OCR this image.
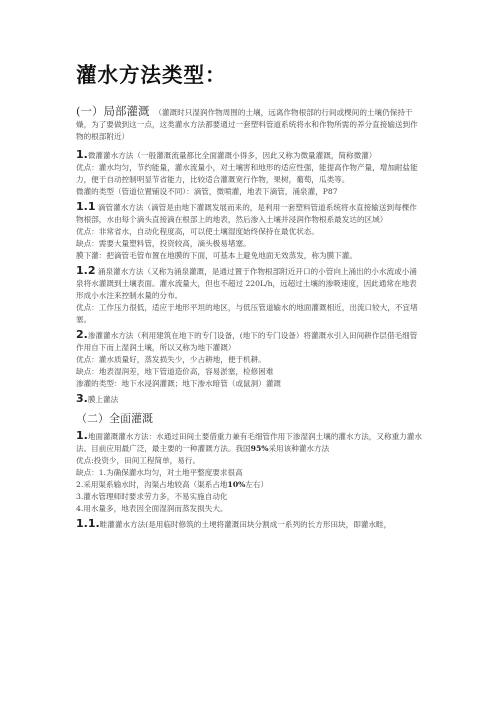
灌水方法类型：

(一）局部灌溉 （灌溉时只湿润作物周围的土壤，远离作物根部的行间或棵间的土壤仍保持干燥，为了要做到这一点，这类灌水方法都要通过一套塑料管道系统将水和作物所需的养分直接输送到作物的根部附近）

1.微灌灌水方法（一般灌溉流量都比全面灌溉小得多，因此又称为微量灌溉，简称微灌）

优点：灌水均匀，节约能量，灌水流量小，对土壤害和地形的适应性强，能提高作物产量，增加耐盐能力，便于自动控制明显节省能力，比较适合灌溉宽行作物，果树，葡萄，瓜类等。

微灌的类型（管道位置铺设不同）：滴管，微喷灌，地表下滴管，涌泉灌，P87

1.1 滴管灌水方法（滴管是由地下灌溉发展而来的，是利用一套塑料管道系统将水直接输送到每棵作物根部，水由每个滴头直接滴在根部上的地表，然后渗入土壤并浸润作物根系最发达的区域）

优点：非常省水，自动化程度高，可以使土壤湿度始终保持在最优状态。

缺点：需要大量塑料管，投资较高，滴头极易堵塞。

膜下灌：把滴管毛管布置在地膜的下面，可基本上避免地面无效蒸发，称为膜下灌。

1.2 涌泉灌水方法（又称为涌泉灌溉，是通过置于作物根部附近开口的小管向上涌出的小水流或小涌泉将水灌溉到土壤表面。灌水流量大，但也不超过 220L/h，远超过土壤的渗吸速度，因此通常在地表形成小水注来控制水量的分布。

优点：工作压力很低，适应于地形平坦的地区，与低压管道输水的地面灌溉相近，出流口较大，不宜堵塞。

2.渗灌灌水方法（利用建筑在地下的专门设备，(地下的专门设备）将灌溉水引入田间耕作层借毛细管作用自下而上湿润土壤，所以又称为地下灌溉）

优点：灌水质量好，蒸发损失少，少占耕地，便于机耕。

缺点：地表湿润差，地下管道造价高，容易淤塞，检修困难

渗灌的类型：地下水浸润灌溉；地下渗水暗管（或鼠洞）灌溉

3.膜上灌法

（二）全面灌溉

1.地面灌溉灌水方法：水通过田间土要借重力兼有毛细管作用下渗湿润土壤的灌水方法，又称重力灌水法。目前应用最广泛，最主要的一种灌溉方法。我国95%采用该种灌水方法

优点:投资少，田间工程简单，易行。

缺点：1.为确保灌水均匀，对土地平整度要求很高

2.采用渠系输水时，沟渠占地较高（渠系占地10%左右）

3.灌水管理师时要求劳力多，不易实施自动化

4.用水量多，地表因全面湿润而蒸发损失大。

1.1.畦灌灌水方法(是用临时修筑的土埂将灌溉田块分割成一系列的长方形田块，即灌水畦，
